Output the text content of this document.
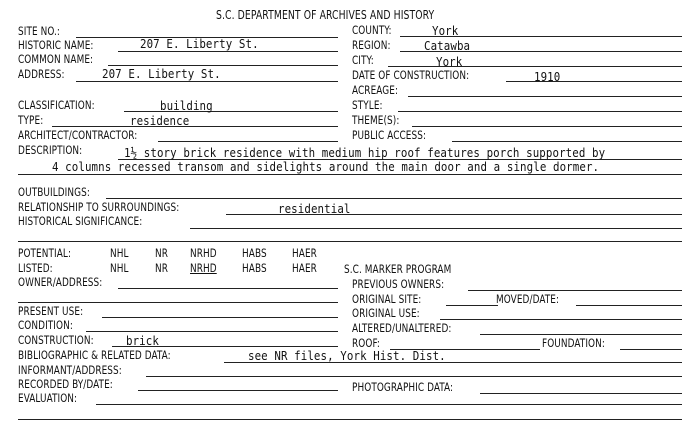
S.C. DEPARTMENT OF ARCHIVES AND HISTORY
SITE NO.:
HISTORIC NAME:	207 E. Liberty St.
COMMON NAME:
ADDRESS:	207 E. Liberty St.
COUNTY:	York
REGION:	Catawba
CITY:	York
DATE OF CONSTRUCTION:	1910
ACREAGE:
CLASSIFICATION:	building	STYLE:
TYPE:	residence	THEME(S):
ARCHITECT/CONTRACTOR:	PUBLIC ACCESS:
DESCRIPTION:	1½ story brick residence with medium hip roof features porch supported by
4 columns recessed transom and sidelights around the main door and a single dormer.
OUTBUILDINGS:
RELATIONSHIP TO SURROUNDINGS:	residential
HISTORICAL SIGNIFICANCE:
POTENTIAL:	NHL NR NRHD HABS HAER
LISTED:	NHL NR NRHD HABS HAER S.C. MARKER PROGRAM
OWNER/ADDRESS:	PREVIOUS OWNERS:
ORIGINAL SITE:	MOVED/DATE:
PRESENT USE:	ORIGINAL USE:
CONDITION:	ALTERED/UNALTERED:
CONSTRUCTION:	brick	ROOF:	FOUNDATION:
BIBLIOGRAPHIC & RELATED DATA:	see NR files, York Hist. Dist.
INFORMANT/ADDRESS:
RECORDED BY/DATE:	PHOTOGRAPHIC DATA:
EVALUATION:
